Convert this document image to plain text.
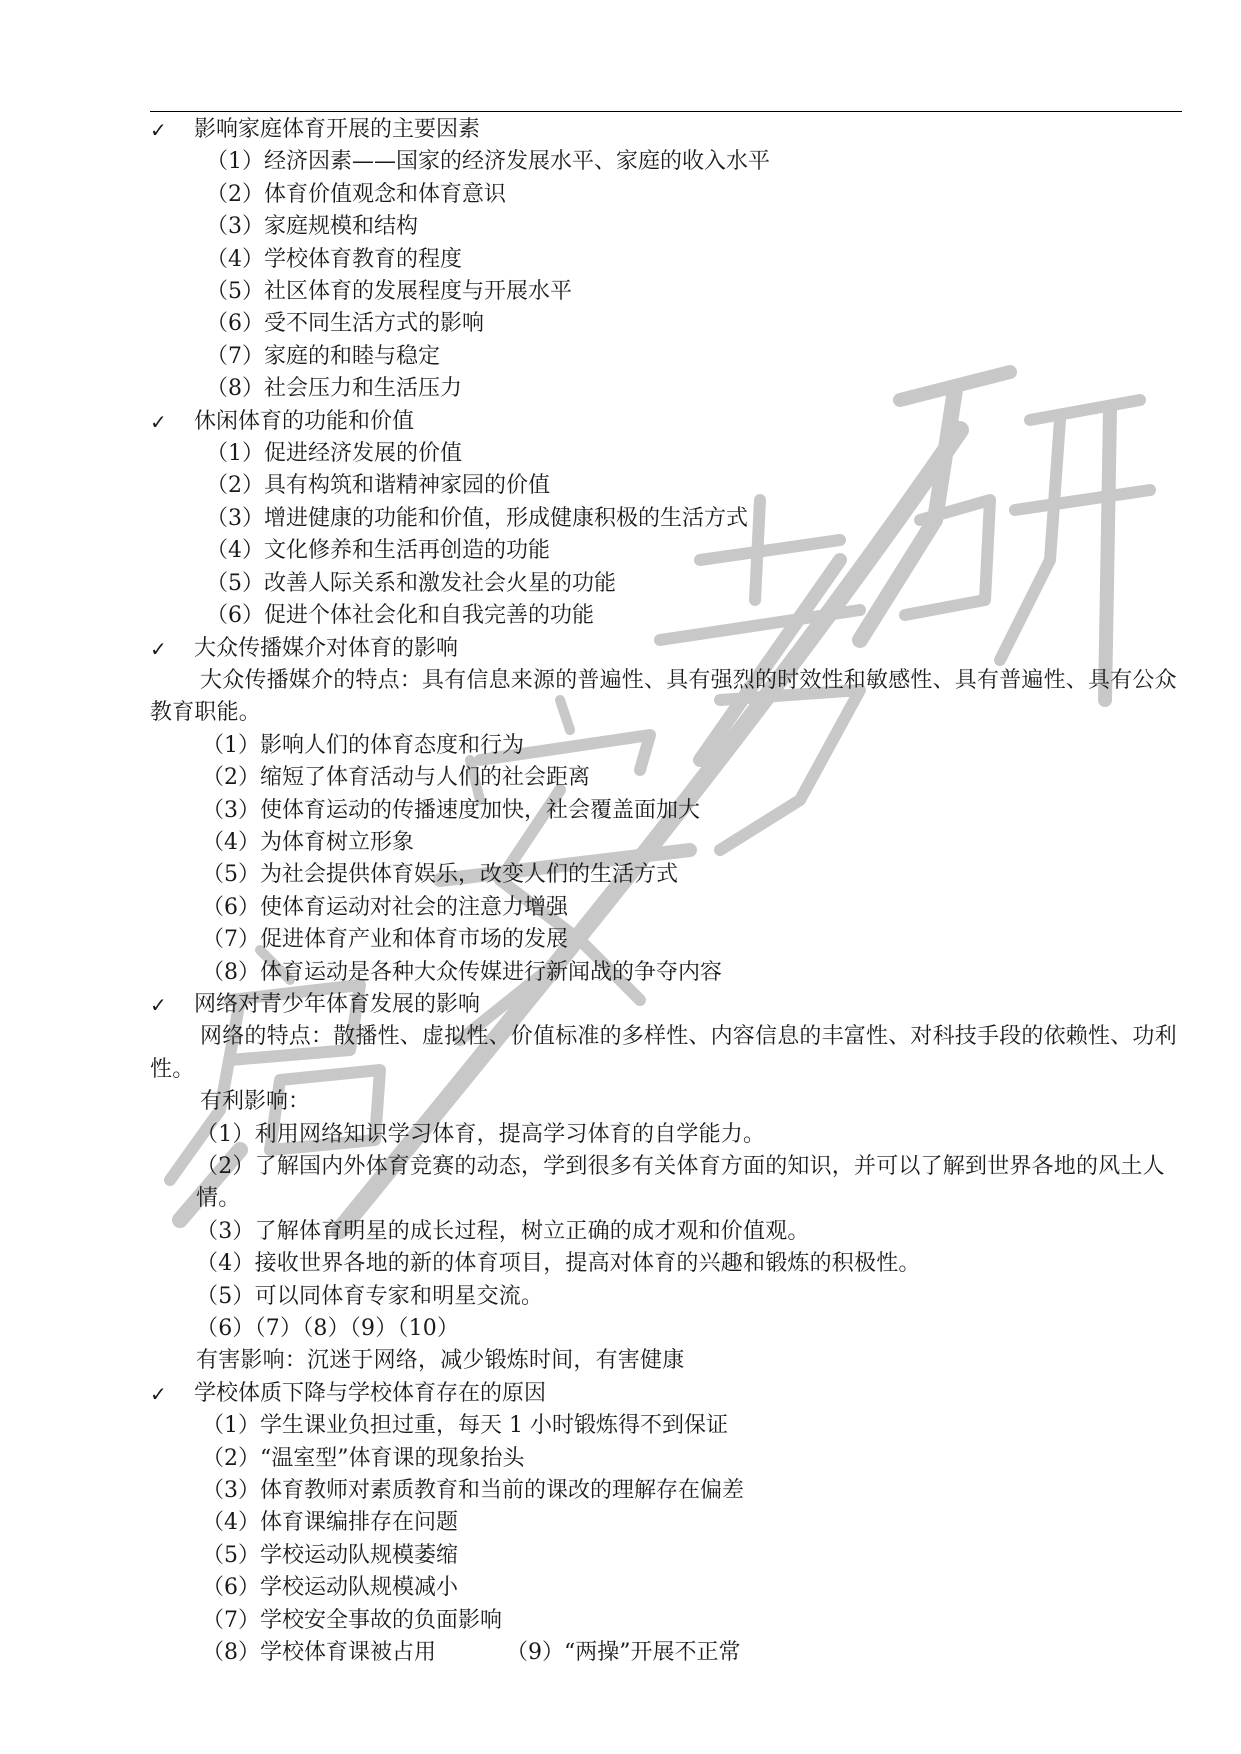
✓ 影响家庭体育开展的主要因素
（1）经济因素——国家的经济发展水平、家庭的收入水平
（2）体育价值观念和体育意识
（3）家庭规模和结构
（4）学校体育教育的程度
（5）社区体育的发展程度与开展水平
（6）受不同生活方式的影响
（7）家庭的和睦与稳定
（8）社会压力和生活压力
✓ 休闲体育的功能和价值
（1）促进经济发展的价值
（2）具有构筑和谐精神家园的价值
（3）增进健康的功能和价值，形成健康积极的生活方式
（4）文化修养和生活再创造的功能
（5）改善人际关系和激发社会火星的功能
（6）促进个体社会化和自我完善的功能
✓ 大众传播媒介对体育的影响
大众传播媒介的特点：具有信息来源的普遍性、具有强烈的时效性和敏感性、具有普遍性、具有公众教育职能。
（1）影响人们的体育态度和行为
（2）缩短了体育活动与人们的社会距离
（3）使体育运动的传播速度加快，社会覆盖面加大
（4）为体育树立形象
（5）为社会提供体育娱乐，改变人们的生活方式
（6）使体育运动对社会的注意力增强
（7）促进体育产业和体育市场的发展
（8）体育运动是各种大众传媒进行新闻战的争夺内容
✓ 网络对青少年体育发展的影响
网络的特点：散播性、虚拟性、价值标准的多样性、内容信息的丰富性、对科技手段的依赖性、功利性。
有利影响：
（1）利用网络知识学习体育，提高学习体育的自学能力。
（2）了解国内外体育竞赛的动态，学到很多有关体育方面的知识，并可以了解到世界各地的风土人情。
（3）了解体育明星的成长过程，树立正确的成才观和价值观。
（4）接收世界各地的新的体育项目，提高对体育的兴趣和锻炼的积极性。
（5）可以同体育专家和明星交流。
（6）（7）（8）（9）（10）
有害影响：沉迷于网络，减少锻炼时间，有害健康
✓ 学校体质下降与学校体育存在的原因
（1）学生课业负担过重，每天 1 小时锻炼得不到保证
（2）“温室型”体育课的现象抬头
（3）体育教师对素质教育和当前的课改的理解存在偏差
（4）体育课编排存在问题
（5）学校运动队规模萎缩
（6）学校运动队规模减小
（7）学校安全事故的负面影响
（8）学校体育课被占用	（9）“两操”开展不正常
